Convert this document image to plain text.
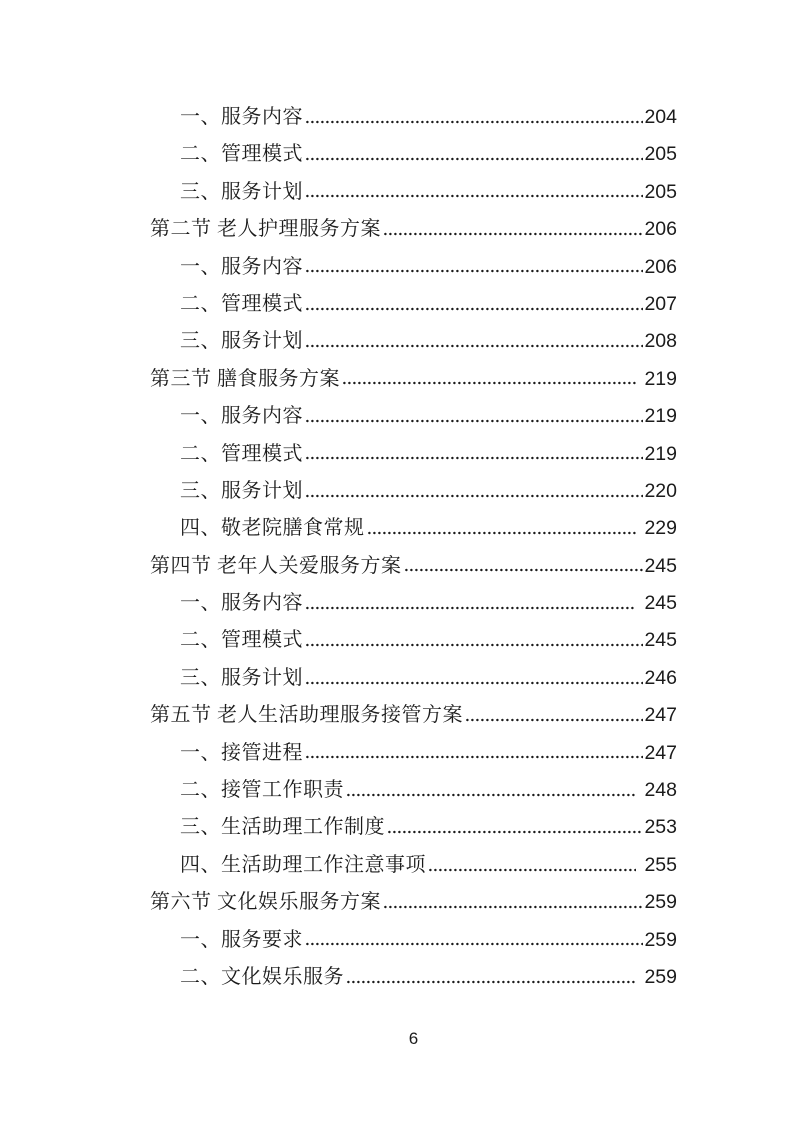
一、服务内容	204
二、管理模式	205
三、服务计划	205
第二节 老人护理服务方案	206
一、服务内容	206
二、管理模式	207
三、服务计划	208
第三节 膳食服务方案	219
一、服务内容	219
二、管理模式	219
三、服务计划	220
四、敬老院膳食常规	229
第四节 老年人关爱服务方案	245
一、服务内容	245
二、管理模式	245
三、服务计划	246
第五节 老人生活助理服务接管方案	247
一、接管进程	247
二、接管工作职责	248
三、生活助理工作制度	253
四、生活助理工作注意事项	255
第六节 文化娱乐服务方案	259
一、服务要求	259
二、文化娱乐服务	259
6
